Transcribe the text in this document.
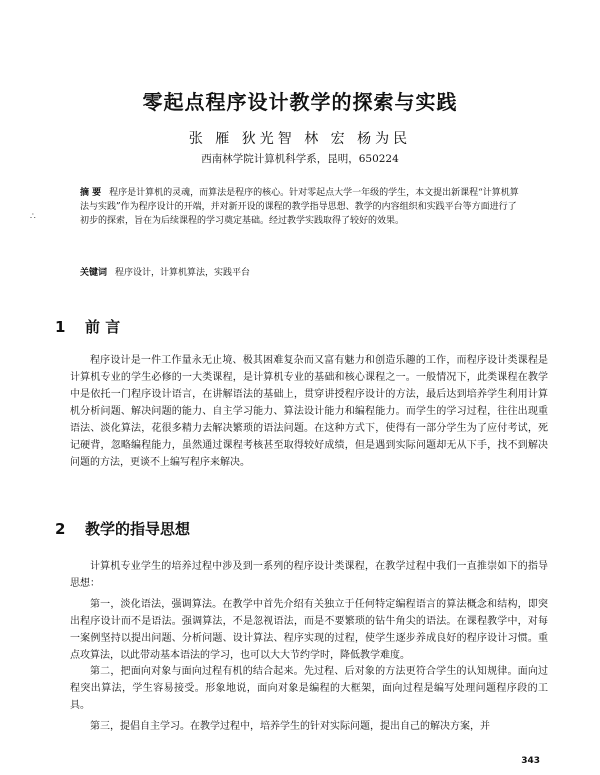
∴
零起点程序设计教学的探索与实践
张 雁 狄光智 林 宏 杨为民
西南林学院计算机科学系，昆明，650224

摘 要 程序是计算机的灵魂，而算法是程序的核心。针对零起点大学一年级的学生，本文提出新课程“计算机算法与实践”作为程序设计的开端，并对新开设的课程的教学指导思想、教学的内容组织和实践平台等方面进行了初步的探索，旨在为后续课程的学习奠定基础。经过教学实践取得了较好的效果。

关键词 程序设计，计算机算法，实践平台

1 前 言

程序设计是一件工作量永无止境、极其困难复杂而又富有魅力和创造乐趣的工作，而程序设计类课程是计算机专业的学生必修的一大类课程，是计算机专业的基础和核心课程之一。一般情况下，此类课程在教学中是依托一门程序设计语言，在讲解语法的基础上，贯穿讲授程序设计的方法，最后达到培养学生利用计算机分析问题、解决问题的能力、自主学习能力、算法设计能力和编程能力。而学生的学习过程，往往出现重语法、淡化算法，花很多精力去解决繁琐的语法问题。在这种方式下，使得有一部分学生为了应付考试，死记硬背，忽略编程能力，虽然通过课程考核甚至取得较好成绩，但是遇到实际问题却无从下手，找不到解决问题的方法，更谈不上编写程序来解决。

2 教学的指导思想

计算机专业学生的培养过程中涉及到一系列的程序设计类课程，在教学过程中我们一直推崇如下的指导思想：

第一，淡化语法，强调算法。在教学中首先介绍有关独立于任何特定编程语言的算法概念和结构，即突出程序设计而不是语法。强调算法，不是忽视语法，而是不要繁琐的钻牛角尖的语法。在课程教学中，对每一案例坚持以提出问题、分析问题、设计算法、程序实现的过程，使学生逐步养成良好的程序设计习惯。重点攻算法，以此带动基本语法的学习，也可以大大节约学时，降低教学难度。

第二，把面向对象与面向过程有机的结合起来。先过程、后对象的方法更符合学生的认知规律。面向过程突出算法，学生容易接受。形象地说，面向对象是编程的大框架，面向过程是编写处理问题程序段的工具。

第三，提倡自主学习。在教学过程中，培养学生的针对实际问题，提出自己的解决方案，并

343
